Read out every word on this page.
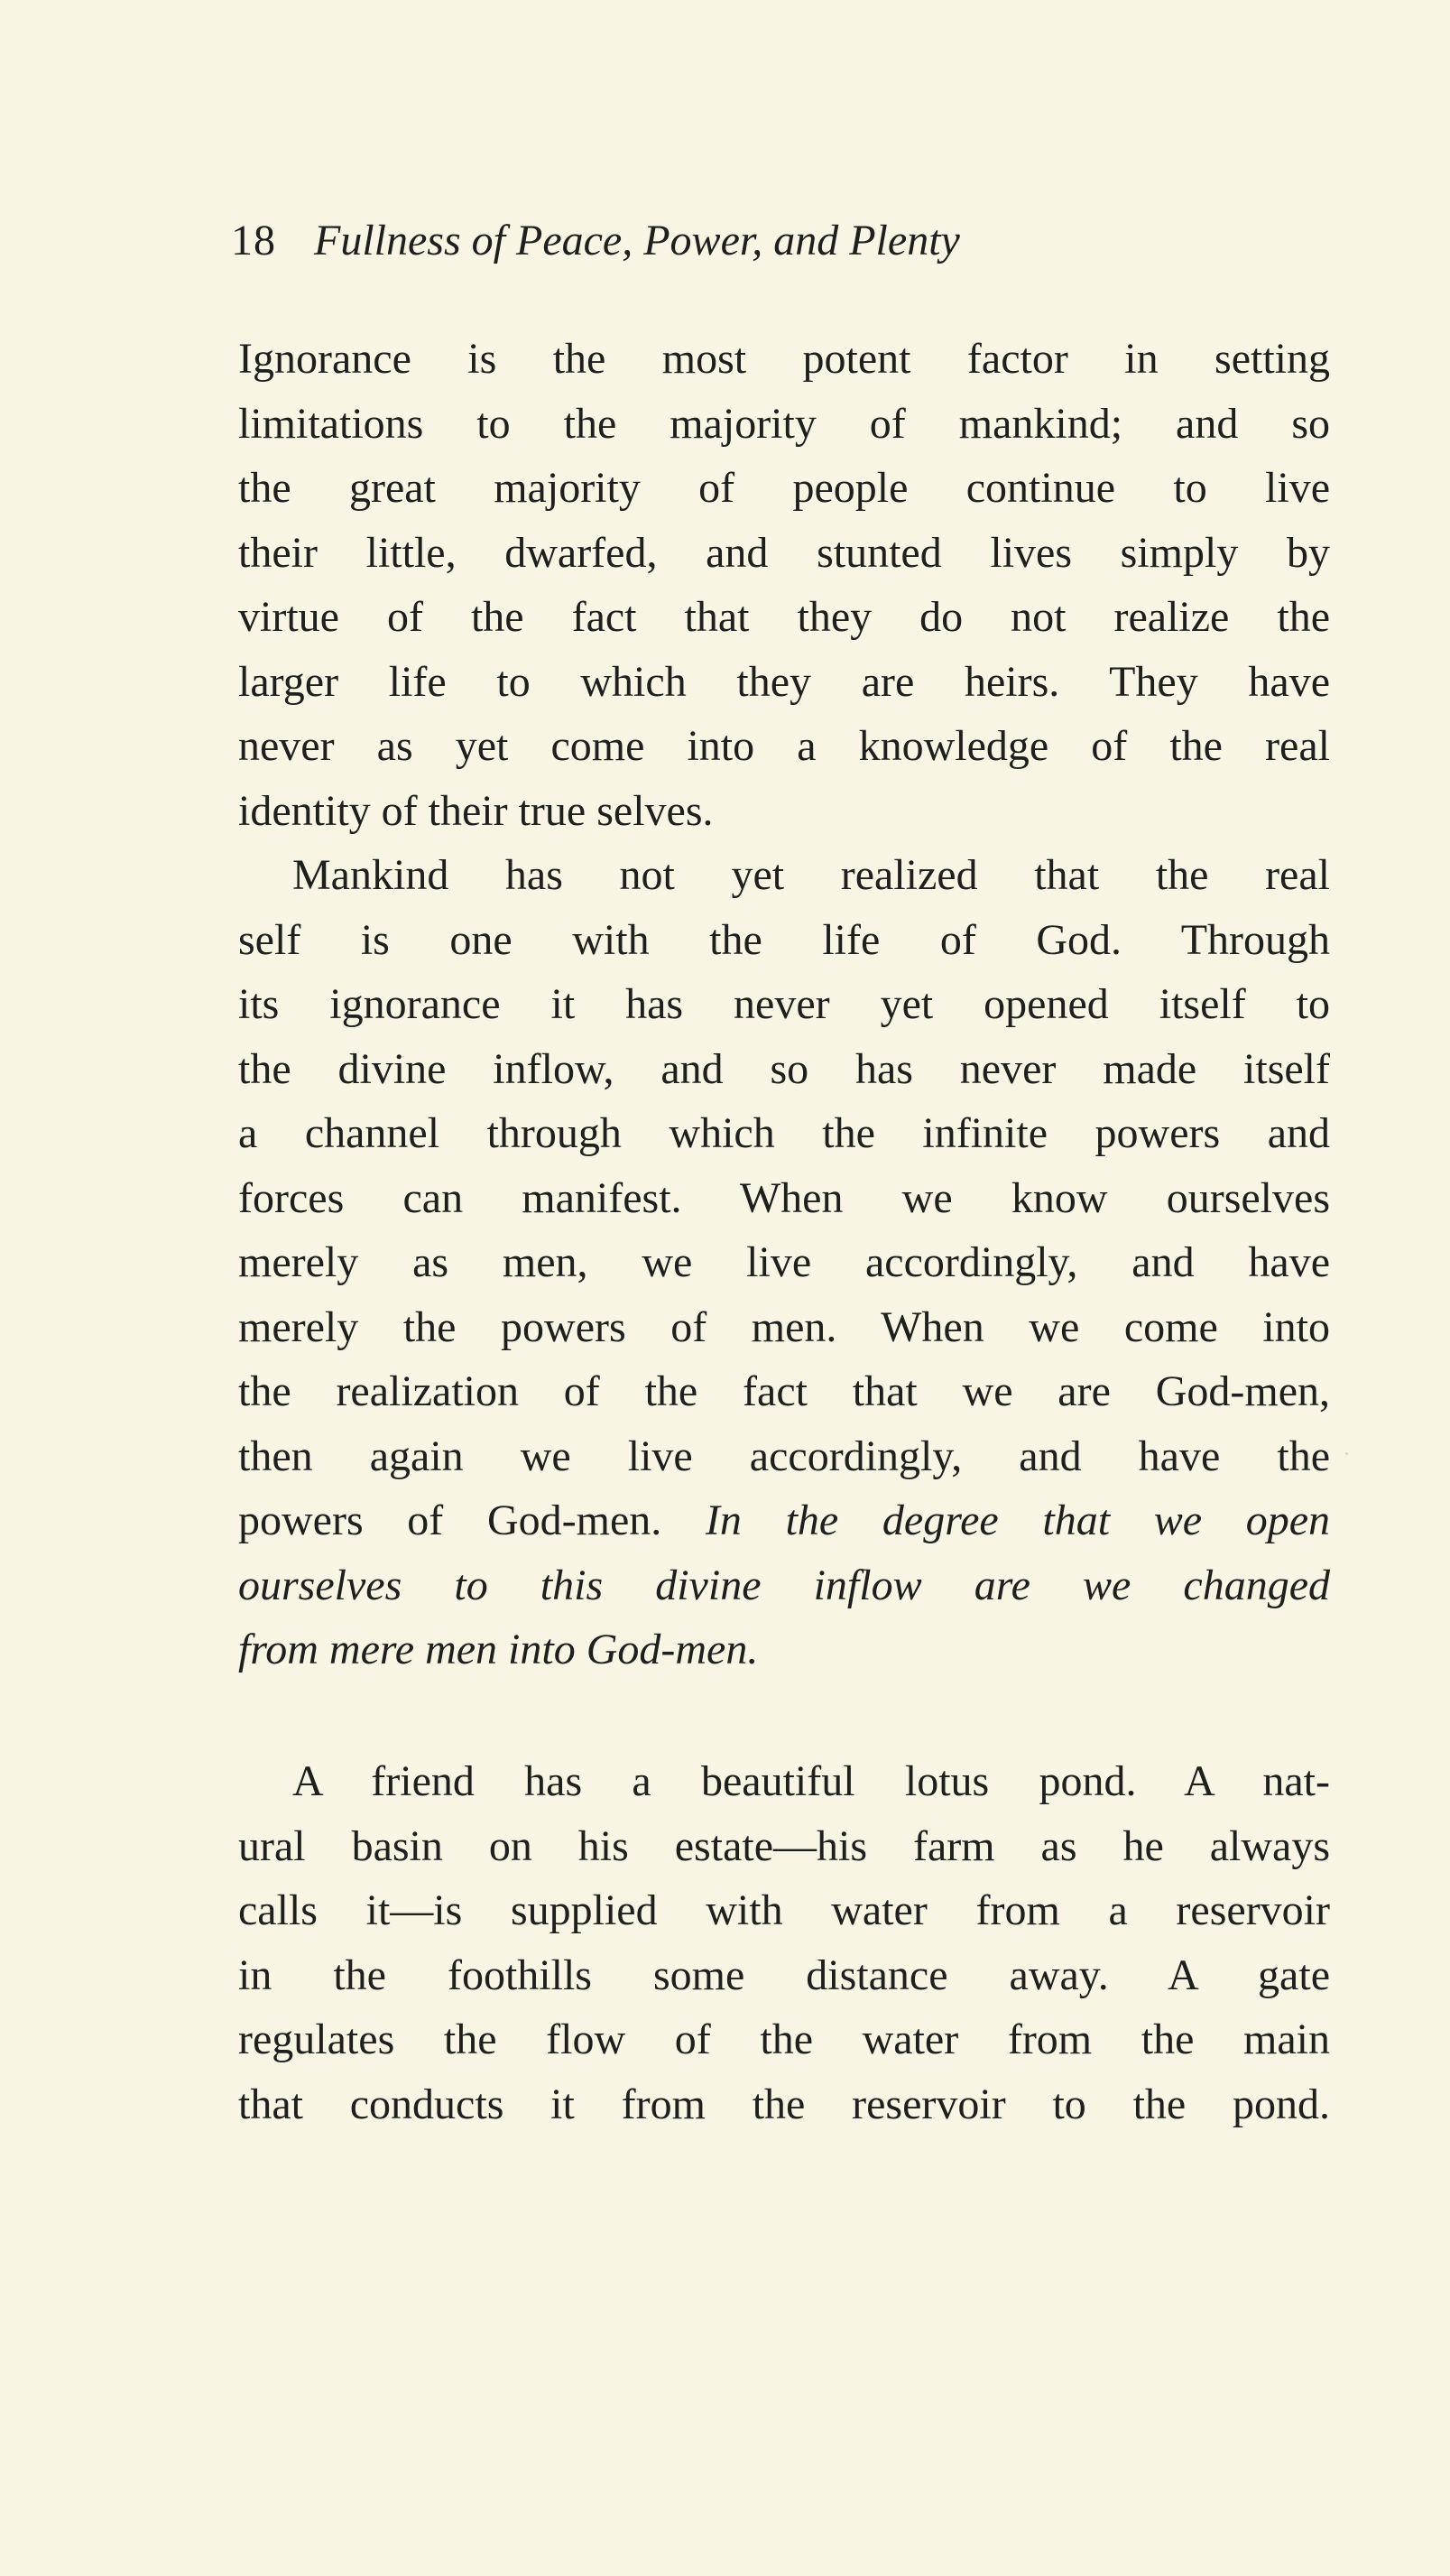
18 Fullness of Peace, Power, and Plenty
Ignorance is the most potent factor in setting
limitations to the majority of mankind; and so
the great majority of people continue to live
their little, dwarfed, and stunted lives simply by
virtue of the fact that they do not realize the
larger life to which they are heirs. They have
never as yet come into a knowledge of the real
identity of their true selves.
Mankind has not yet realized that the real
self is one with the life of God. Through
its ignorance it has never yet opened itself to
the divine inflow, and so has never made itself
a channel through which the infinite powers and
forces can manifest. When we know ourselves
merely as men, we live accordingly, and have
merely the powers of men. When we come into
the realization of the fact that we are God-men,
then again we live accordingly, and have the
powers of God-men. In the degree that we open
ourselves to this divine inflow are we changed
from mere men into God-men.
A friend has a beautiful lotus pond. A nat-
ural basin on his estate—his farm as he always
calls it—is supplied with water from a reservoir
in the foothills some distance away. A gate
regulates the flow of the water from the main
that conducts it from the reservoir to the pond.
